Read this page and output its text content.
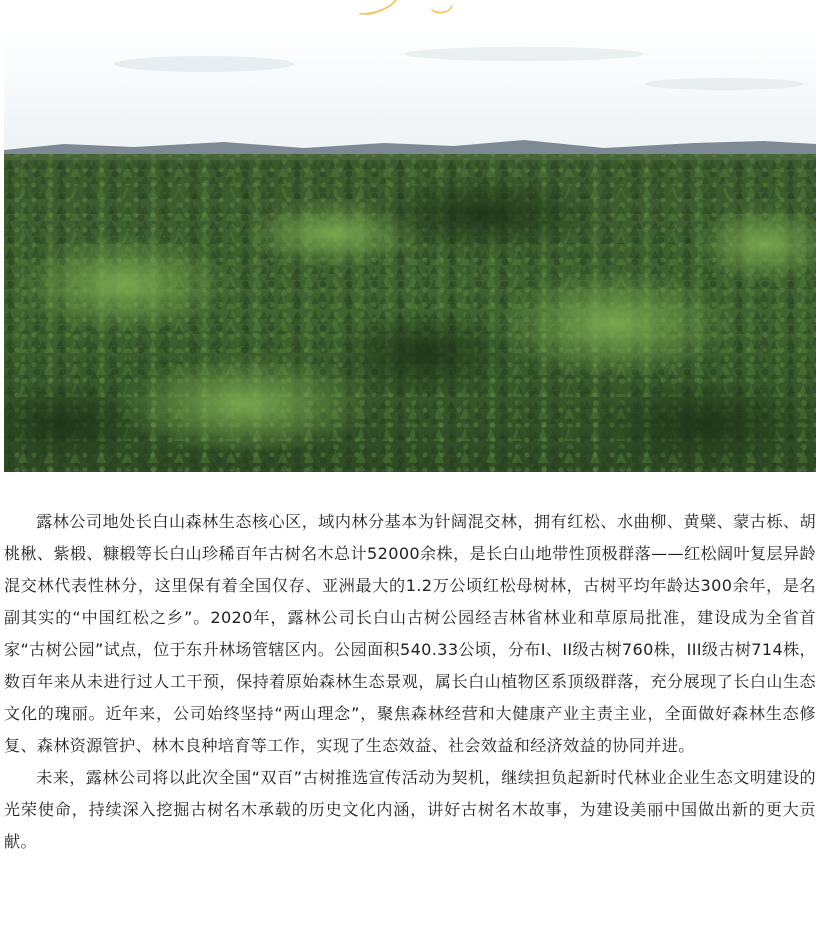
露林公司地处长白山森林生态核心区，域内林分基本为针阔混交林，拥有红松、水曲柳、黄檗、蒙古栎、胡桃楸、紫椴、糠椴等长白山珍稀百年古树名木总计52000余株，是长白山地带性顶极群落——红松阔叶复层异龄混交林代表性林分，这里保有着全国仅存、亚洲最大的1.2万公顷红松母树林，古树平均年龄达300余年，是名副其实的“中国红松之乡”。2020年，露林公司长白山古树公园经吉林省林业和草原局批准，建设成为全省首家“古树公园”试点，位于东升林场管辖区内。公园面积540.33公顷，分布I、II级古树760株，III级古树714株，数百年来从未进行过人工干预，保持着原始森林生态景观，属长白山植物区系顶级群落，充分展现了长白山生态文化的瑰丽。近年来，公司始终坚持“两山理念”，聚焦森林经营和大健康产业主责主业，全面做好森林生态修复、森林资源管护、林木良种培育等工作，实现了生态效益、社会效益和经济效益的协同并进。

未来，露林公司将以此次全国“双百”古树推选宣传活动为契机，继续担负起新时代林业企业生态文明建设的光荣使命，持续深入挖掘古树名木承载的历史文化内涵，讲好古树名木故事，为建设美丽中国做出新的更大贡献。
